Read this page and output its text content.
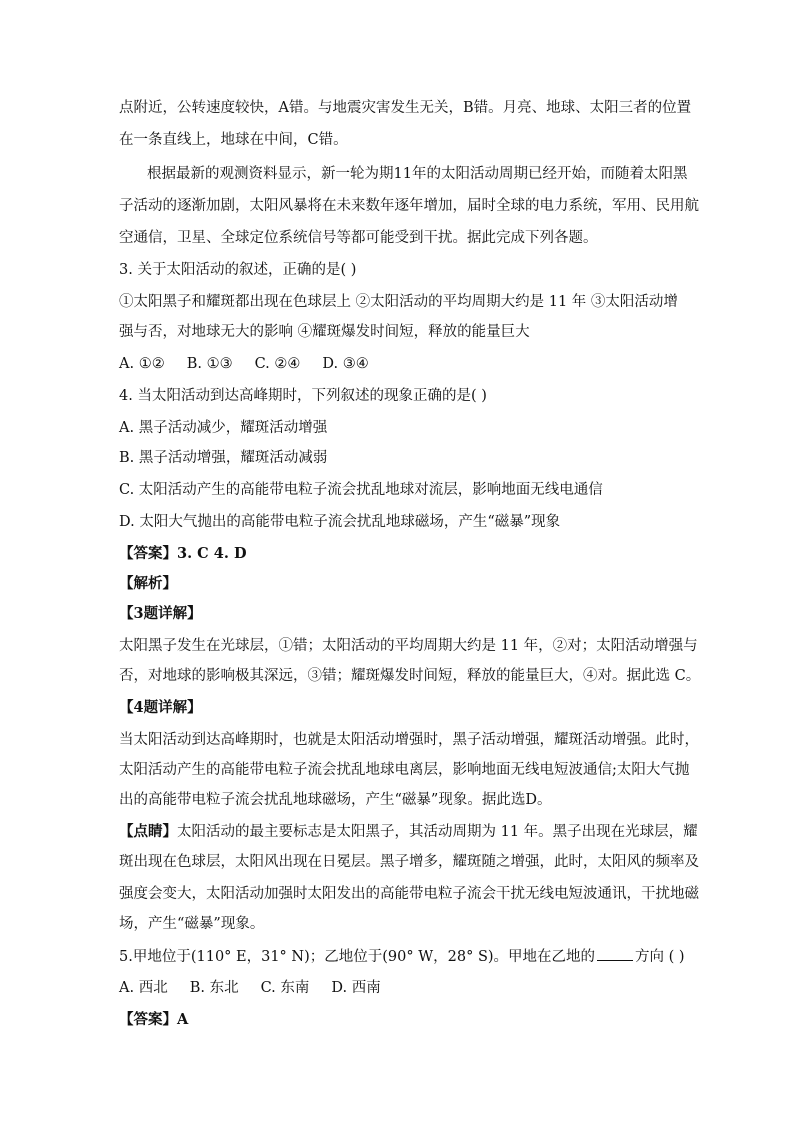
点附近，公转速度较快，A错。与地震灾害发生无关，B错。月亮、地球、太阳三者的位置
在一条直线上，地球在中间，C错。
根据最新的观测资料显示，新一轮为期11年的太阳活动周期已经开始，而随着太阳黑
子活动的逐渐加剧，太阳风暴将在未来数年逐年增加，届时全球的电力系统，军用、民用航
空通信，卫星、全球定位系统信号等都可能受到干扰。据此完成下列各题。
3. 关于太阳活动的叙述，正确的是( )
①太阳黑子和耀斑都出现在色球层上 ②太阳活动的平均周期大约是 11 年 ③太阳活动增
强与否，对地球无大的影响 ④耀斑爆发时间短，释放的能量巨大
A. ①② B. ①③ C. ②④ D. ③④
4. 当太阳活动到达高峰期时，下列叙述的现象正确的是( )
A. 黑子活动减少，耀斑活动增强
B. 黑子活动增强，耀斑活动减弱
C. 太阳活动产生的高能带电粒子流会扰乱地球对流层，影响地面无线电通信
D. 太阳大气抛出的高能带电粒子流会扰乱地球磁场，产生“磁暴”现象
【答案】3. C 4. D
【解析】
【3题详解】
太阳黑子发生在光球层，①错；太阳活动的平均周期大约是 11 年，②对；太阳活动增强与
否，对地球的影响极其深远，③错；耀斑爆发时间短，释放的能量巨大，④对。据此选 C。
【4题详解】
当太阳活动到达高峰期时，也就是太阳活动增强时，黑子活动增强，耀斑活动增强。此时，
太阳活动产生的高能带电粒子流会扰乱地球电离层，影响地面无线电短波通信;太阳大气抛
出的高能带电粒子流会扰乱地球磁场，产生“磁暴”现象。据此选D。
【点睛】太阳活动的最主要标志是太阳黑子，其活动周期为 11 年。黑子出现在光球层，耀
斑出现在色球层，太阳风出现在日冕层。黑子增多，耀斑随之增强，此时，太阳风的频率及
强度会变大，太阳活动加强时太阳发出的高能带电粒子流会干扰无线电短波通讯，干扰地磁
场，产生“磁暴”现象。
5.甲地位于(110° E，31° N)；乙地位于(90° W，28° S)。甲地在乙地的	方向 ( )
A. 西北 B. 东北 C. 东南 D. 西南
【答案】A
